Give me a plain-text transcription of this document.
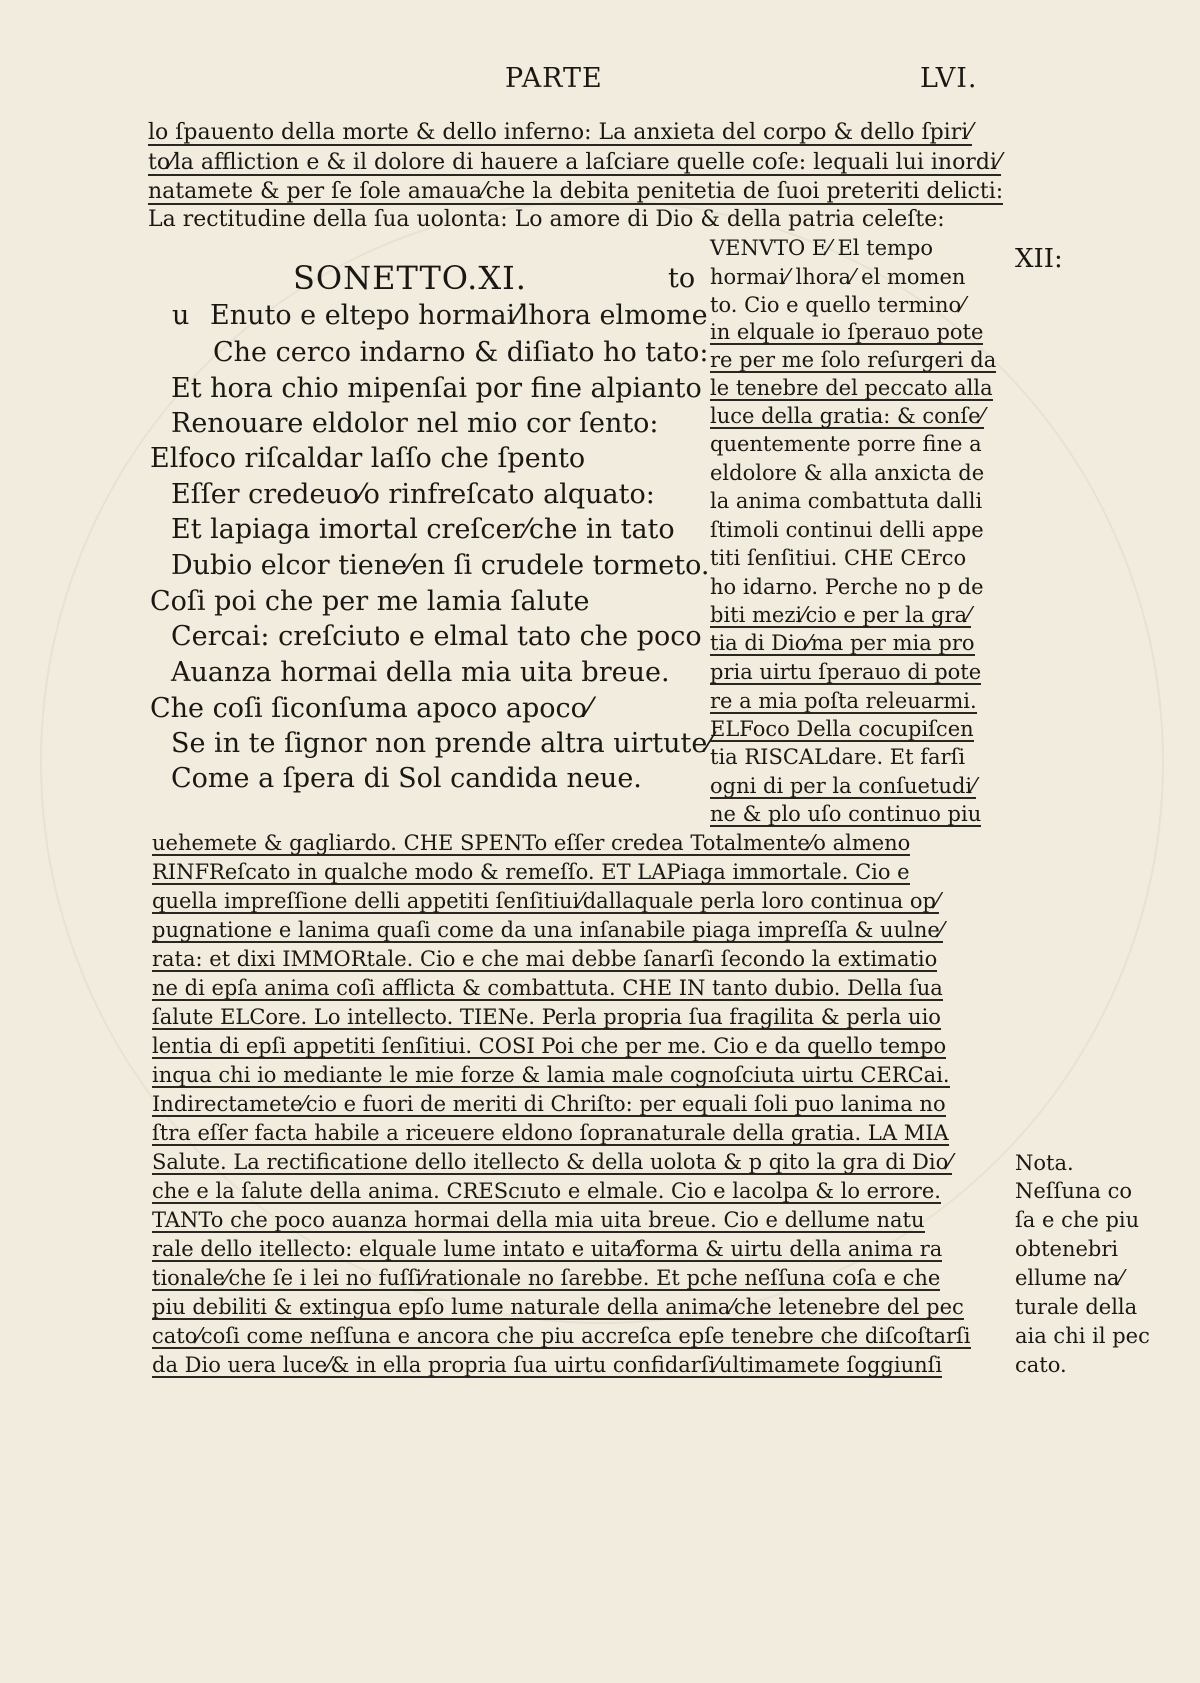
PARTE	LVI.
lo ſpauento della morte & dello inferno: La anxieta del corpo & dello ſpiri⁄
to⁄la affliction e & il dolore di hauere a laſciare quelle coſe: lequali lui inordi⁄
natamete & per ſe ſole amaua⁄che la debita penitetia de ſuoi preteriti delicti:
La rectitudine della ſua uolonta: Lo amore di Dio & della patria celeſte:
SONETTO.XI.	to
u Enuto e eltepo hormai⁄lhora elmome
Che cerco indarno & diſiato ho tato:
Et hora chio mipenſai por fine alpianto
Renouare eldolor nel mio cor ſento:
Elfoco riſcaldar laſſo che ſpento
Eſſer credeuo⁄o rinfreſcato alquato:
Et lapiaga imortal creſcer⁄che in tato
Dubio elcor tiene⁄en ſi crudele tormeto.
Coſi poi che per me lamia ſalute
Cercai: creſciuto e elmal tato che poco
Auanza hormai della mia uita breue.
Che coſi ſiconſuma apoco apoco⁄
Se in te ſignor non prende altra uirtute⁄
Come a ſpera di Sol candida neue.
VENVTO E⁄ El tempo
hormai⁄ lhora⁄ el momen
to. Cio e quello termino⁄
in elquale io ſperauo pote
re per me ſolo reſurgeri da
le tenebre del peccato alla
luce della gratia: & conſe⁄
quentemente porre fine a
eldolore & alla anxicta de
la anima combattuta dalli
ſtimoli continui delli appe
titi ſenſitiui. CHE CErco
ho idarno. Perche no p de
biti mezi⁄cio e per la gra⁄
tia di Dio⁄ma per mia pro
pria uirtu ſperauo di pote
re a mia poſta releuarmi.
ELFoco Della cocupiſcen
tia RISCALdare. Et farſi
ogni di per la conſuetudi⁄
ne & plo uſo continuo piu
uehemete & gagliardo. CHE SPENTo eſſer credea Totalmente⁄o almeno
RINFReſcato in qualche modo & remeſſo. ET LAPiaga immortale. Cio e
quella impreſſione delli appetiti ſenſitiui⁄dallaquale perla loro continua op⁄
pugnatione e lanima quaſi come da una inſanabile piaga impreſſa & uulne⁄
rata: et dixi IMMORtale. Cio e che mai debbe ſanarſi ſecondo la extimatio
ne di epſa anima coſi afflicta & combattuta. CHE IN tanto dubio. Della ſua
ſalute ELCore. Lo intellecto. TIENe. Perla propria ſua fragilita & perla uio
lentia di epſi appetiti ſenſitiui. COSI Poi che per me. Cio e da quello tempo
inqua chi io mediante le mie forze & lamia male cognoſciuta uirtu CERCai.
Indirectamete⁄cio e fuori de meriti di Chriſto: per equali ſoli puo lanima no
ſtra eſſer facta habile a riceuere eldono ſopranaturale della gratia. LA MIA
Salute. La rectificatione dello itellecto & della uolota & p qito la gra di Dio⁄
che e la ſalute della anima. CREScıuto e elmale. Cio e lacolpa & lo errore.
TANTo che poco auanza hormai della mia uita breue. Cio e dellume natu
rale dello itellecto: elquale lume intato e uita⁄forma & uirtu della anima ra
tionale⁄che ſe i lei no fuſſi⁄rationale no ſarebbe. Et pche neſſuna coſa e che
piu debiliti & extingua epſo lume naturale della anima⁄che letenebre del pec
cato⁄coſi come neſſuna e ancora che piu accreſca epſe tenebre che diſcoſtarſi
da Dio uera luce⁄& in ella propria ſua uirtu confidarſi⁄ultimamete ſoggiunſi
XII:
Nota.
Neſſuna co
ſa e che piu
obtenebri
ellume na⁄
turale della
aia chi il pec
cato.
